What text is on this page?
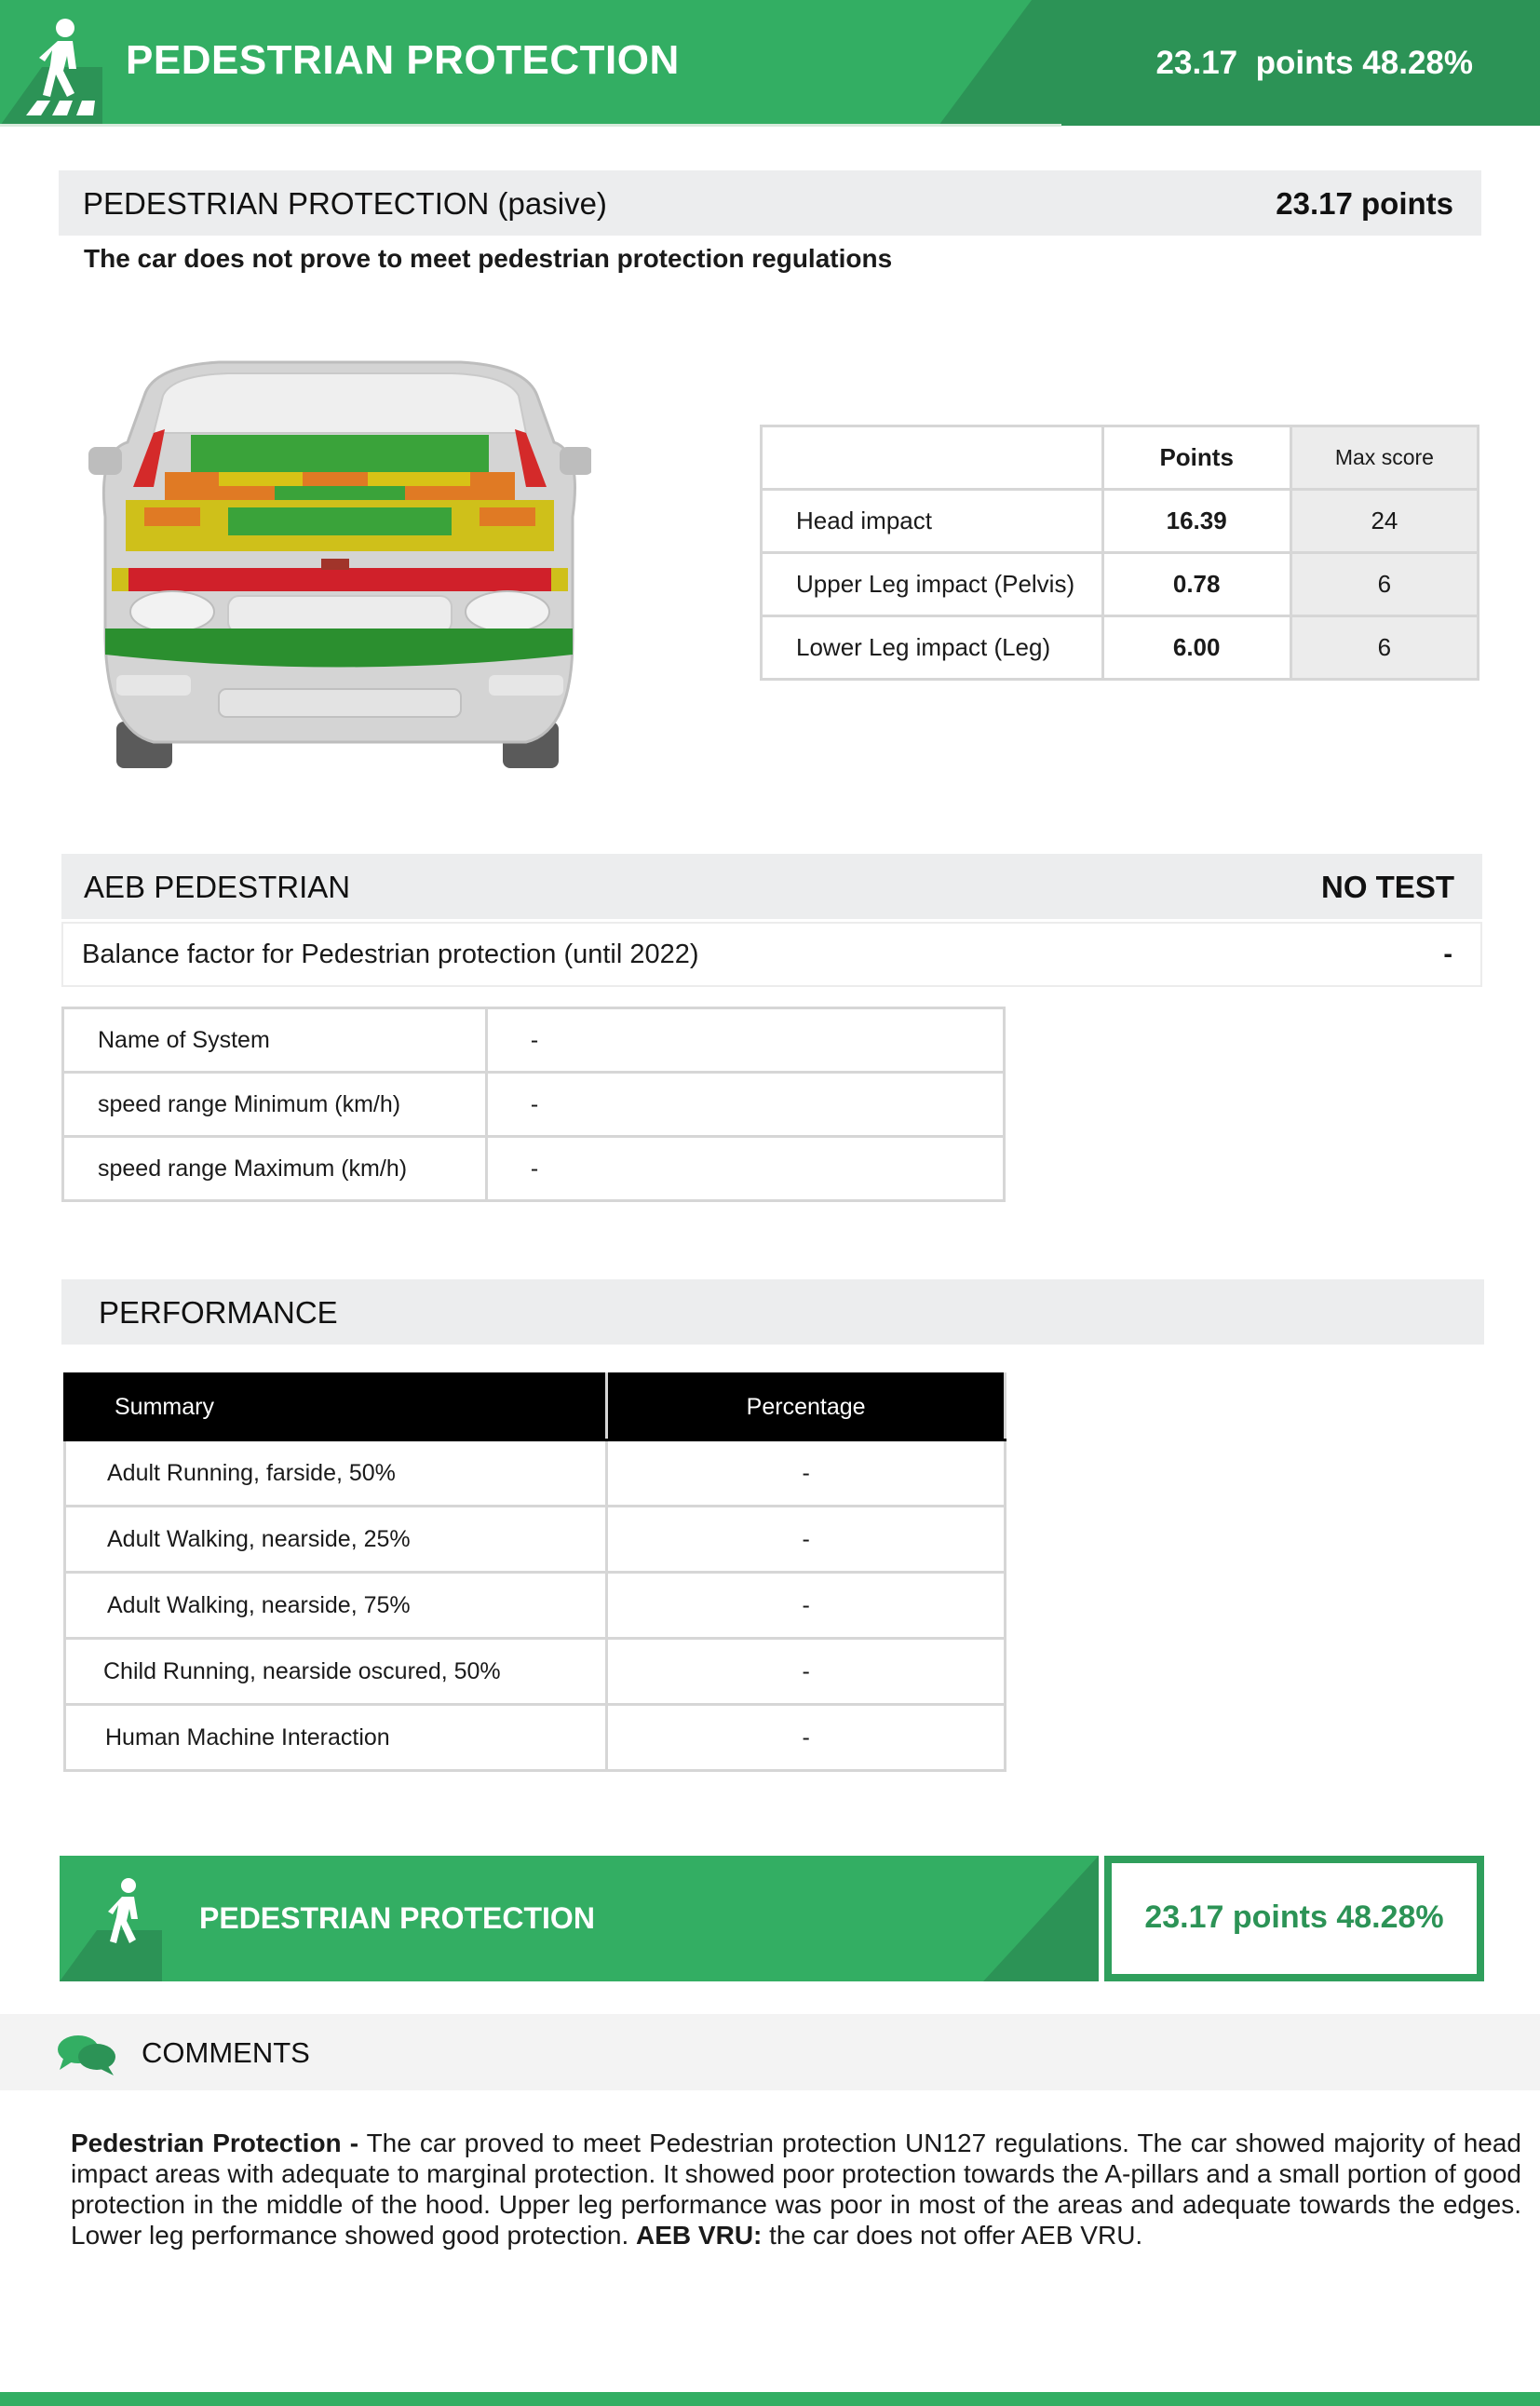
PEDESTRIAN PROTECTION	23.17  points 48.28%
PEDESTRIAN PROTECTION (pasive)	23.17 points
The car does not prove to meet pedestrian protection regulations
	Points	Max score
Head impact	16.39	24
Upper Leg impact (Pelvis)	0.78	6
Lower Leg impact (Leg)	6.00	6
AEB PEDESTRIAN	NO TEST
Balance factor for Pedestrian protection (until 2022)	-
Name of System	-
speed range Minimum (km/h)	-
speed range Maximum (km/h)	-
PERFORMANCE
Summary	Percentage
Adult Running, farside, 50%	-
Adult Walking, nearside, 25%	-
Adult Walking, nearside, 75%	-
Child Running, nearside oscured, 50%	-
Human Machine Interaction	-
PEDESTRIAN PROTECTION	23.17 points 48.28%
COMMENTS

Pedestrian Protection - The car proved to meet Pedestrian protection UN127 regulations. The car showed majority of head impact areas with adequate to marginal protection. It showed poor protection towards the A-pillars and a small portion of good protection in the middle of the hood. Upper leg performance was poor in most of the areas and adequate towards the edges. Lower leg performance showed good protection. AEB VRU: the car does not offer AEB VRU.
